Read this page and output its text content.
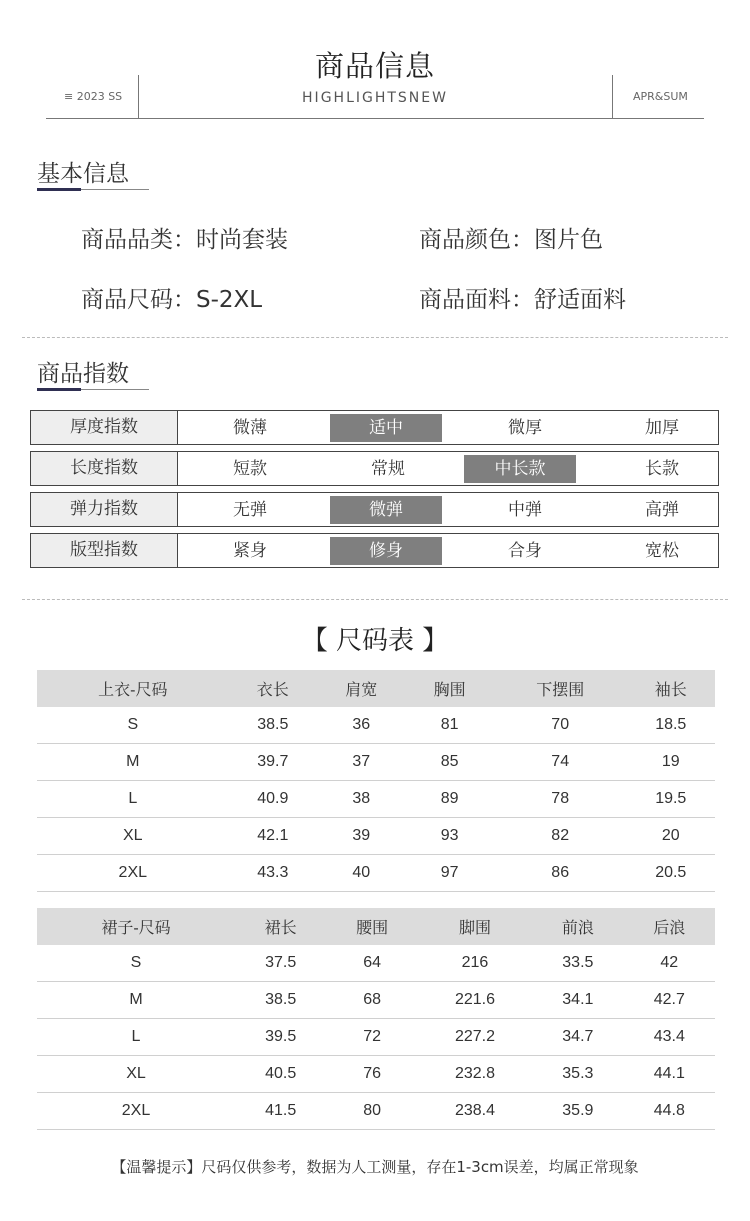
商品信息
HIGHLIGHTSNEW
≡ 2023 SS	APR&SUM
基本信息
商品品类：时尚套装	商品颜色：图片色
商品尺码：S-2XL	商品面料：舒适面料
商品指数
厚度指数	微薄	适中	微厚	加厚
长度指数	短款	常规	中长款	长款
弹力指数	无弹	微弹	中弹	高弹
版型指数	紧身	修身	合身	宽松
【 尺码表 】
上衣-尺码	衣长	肩宽	胸围	下摆围	袖长
S	38.5	36	81	70	18.5
M	39.7	37	85	74	19
L	40.9	38	89	78	19.5
XL	42.1	39	93	82	20
2XL	43.3	40	97	86	20.5
裙子-尺码	裙长	腰围	脚围	前浪	后浪
S	37.5	64	216	33.5	42
M	38.5	68	221.6	34.1	42.7
L	39.5	72	227.2	34.7	43.4
XL	40.5	76	232.8	35.3	44.1
2XL	41.5	80	238.4	35.9	44.8
【温馨提示】尺码仅供参考，数据为人工测量，存在1-3cm误差，均属正常现象
